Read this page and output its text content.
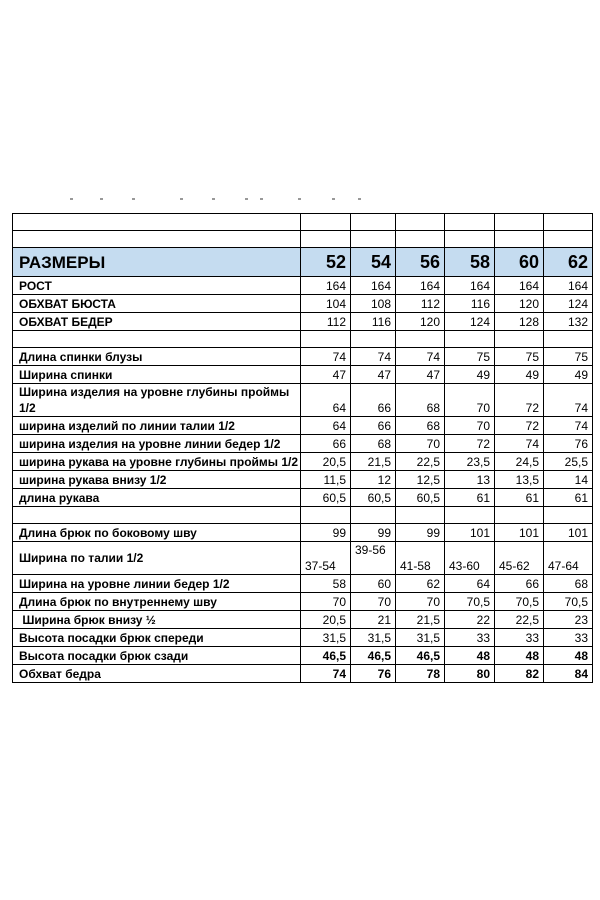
РАЗМЕРЫ	52	54	56	58	60	62
РОСТ	164	164	164	164	164	164
ОБХВАТ БЮСТА	104	108	112	116	120	124
ОБХВАТ БЕДЕР	112	116	120	124	128	132

Длина спинки блузы	74	74	74	75	75	75
Ширина спинки	47	47	47	49	49	49
Ширина изделия на уровне глубины проймы 1/2	64	66	68	70	72	74
ширина изделий по линии талии 1/2	64	66	68	70	72	74
ширина изделия на уровне линии бедер 1/2	66	68	70	72	74	76
ширина рукава на уровне глубины проймы 1/2	20,5	21,5	22,5	23,5	24,5	25,5
ширина рукава внизу 1/2	11,5	12	12,5	13	13,5	14
длина рукава	60,5	60,5	60,5	61	61	61

Длина брюк по боковому шву	99	99	99	101	101	101
Ширина по талии 1/2	37-54	39-56	41-58	43-60	45-62	47-64
Ширина на уровне линии бедер 1/2	58	60	62	64	66	68
Длина брюк по внутреннему шву	70	70	70	70,5	70,5	70,5
Ширина брюк внизу ½	20,5	21	21,5	22	22,5	23
Высота посадки брюк спереди	31,5	31,5	31,5	33	33	33
Высота посадки брюк сзади	46,5	46,5	46,5	48	48	48
Обхват бедра	74	76	78	80	82	84
